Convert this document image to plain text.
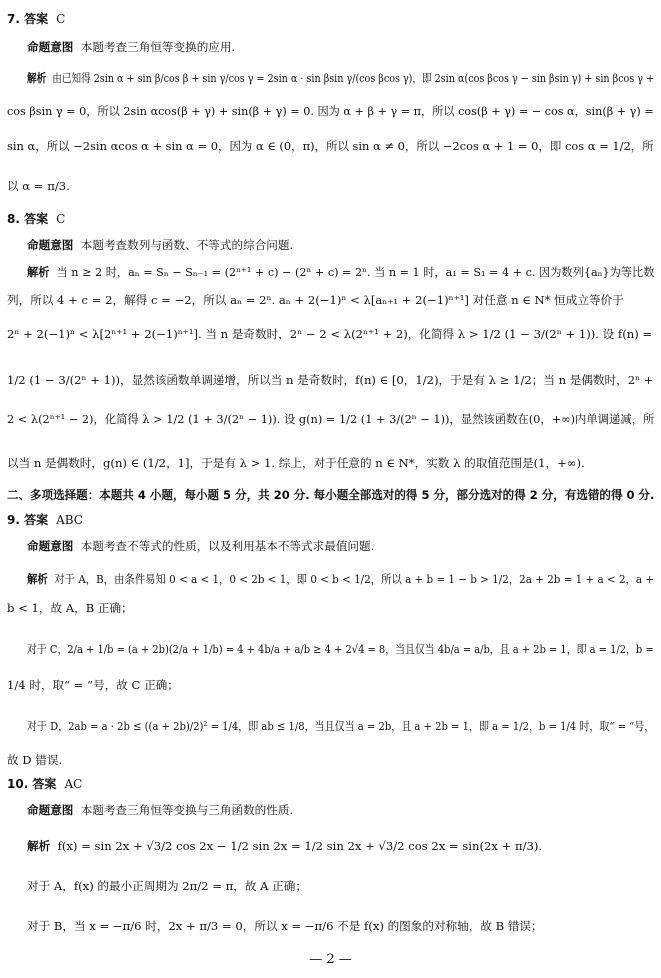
7. 答案 C
命题意图 本题考查三角恒等变换的应用.
解析 由已知得 2sin α + sin β/cos β + sin γ/cos γ = 2sin α · sin βsin γ/(cos βcos γ)，即 2sin α(cos βcos γ − sin βsin γ) + sin βcos γ +
cos βsin γ = 0，所以 2sin αcos(β + γ) + sin(β + γ) = 0. 因为 α + β + γ = π，所以 cos(β + γ) = − cos α，sin(β + γ) =
sin α，所以 −2sin αcos α + sin α = 0，因为 α ∈ (0，π)，所以 sin α ≠ 0，所以 −2cos α + 1 = 0，即 cos α = 1/2，所
以 α = π/3.
8. 答案 C
命题意图 本题考查数列与函数、不等式的综合问题.
解析 当 n ≥ 2 时，aₙ = Sₙ − Sₙ₋₁ = (2ⁿ⁺¹ + c) − (2ⁿ + c) = 2ⁿ. 当 n = 1 时，a₁ = S₁ = 4 + c. 因为数列{aₙ}为等比数
列，所以 4 + c = 2，解得 c = −2，所以 aₙ = 2ⁿ. aₙ + 2(−1)ⁿ < λ[aₙ₊₁ + 2(−1)ⁿ⁺¹] 对任意 n ∈ N* 恒成立等价于
2ⁿ + 2(−1)ⁿ < λ[2ⁿ⁺¹ + 2(−1)ⁿ⁺¹]. 当 n 是奇数时，2ⁿ − 2 < λ(2ⁿ⁺¹ + 2)，化简得 λ > 1/2 (1 − 3/(2ⁿ + 1)). 设 f(n) =
1/2 (1 − 3/(2ⁿ + 1))，显然该函数单调递增，所以当 n 是奇数时，f(n) ∈ [0，1/2)，于是有 λ ≥ 1/2；当 n 是偶数时，2ⁿ +
2 < λ(2ⁿ⁺¹ − 2)，化简得 λ > 1/2 (1 + 3/(2ⁿ − 1)). 设 g(n) = 1/2 (1 + 3/(2ⁿ − 1))，显然该函数在(0，+∞)内单调递减，所
以当 n 是偶数时，g(n) ∈ (1/2，1]，于是有 λ > 1. 综上，对于任意的 n ∈ N*，实数 λ 的取值范围是(1，+∞).
二、多项选择题：本题共 4 小题，每小题 5 分，共 20 分. 每小题全部选对的得 5 分，部分选对的得 2 分，有选错的得 0 分.
9. 答案 ABC
命题意图 本题考查不等式的性质，以及利用基本不等式求最值问题.
解析 对于 A，B，由条件易知 0 < a < 1，0 < 2b < 1，即 0 < b < 1/2，所以 a + b = 1 − b > 1/2，2a + 2b = 1 + a < 2，a +
b < 1，故 A，B 正确；
对于 C，2/a + 1/b = (a + 2b)(2/a + 1/b) = 4 + 4b/a + a/b ≥ 4 + 2√4 = 8，当且仅当 4b/a = a/b，且 a + 2b = 1，即 a = 1/2，b =
1/4 时，取“ = ”号，故 C 正确；
对于 D，2ab = a · 2b ≤ ((a + 2b)/2)² = 1/4，即 ab ≤ 1/8，当且仅当 a = 2b，且 a + 2b = 1，即 a = 1/2，b = 1/4 时，取“ = ”号，
故 D 错误.
10. 答案 AC
命题意图 本题考查三角恒等变换与三角函数的性质.
解析 f(x) = sin 2x + √3/2 cos 2x − 1/2 sin 2x = 1/2 sin 2x + √3/2 cos 2x = sin(2x + π/3).
对于 A，f(x) 的最小正周期为 2π/2 = π，故 A 正确；
对于 B，当 x = −π/6 时，2x + π/3 = 0，所以 x = −π/6 不是 f(x) 的图象的对称轴，故 B 错误；
— 2 —
